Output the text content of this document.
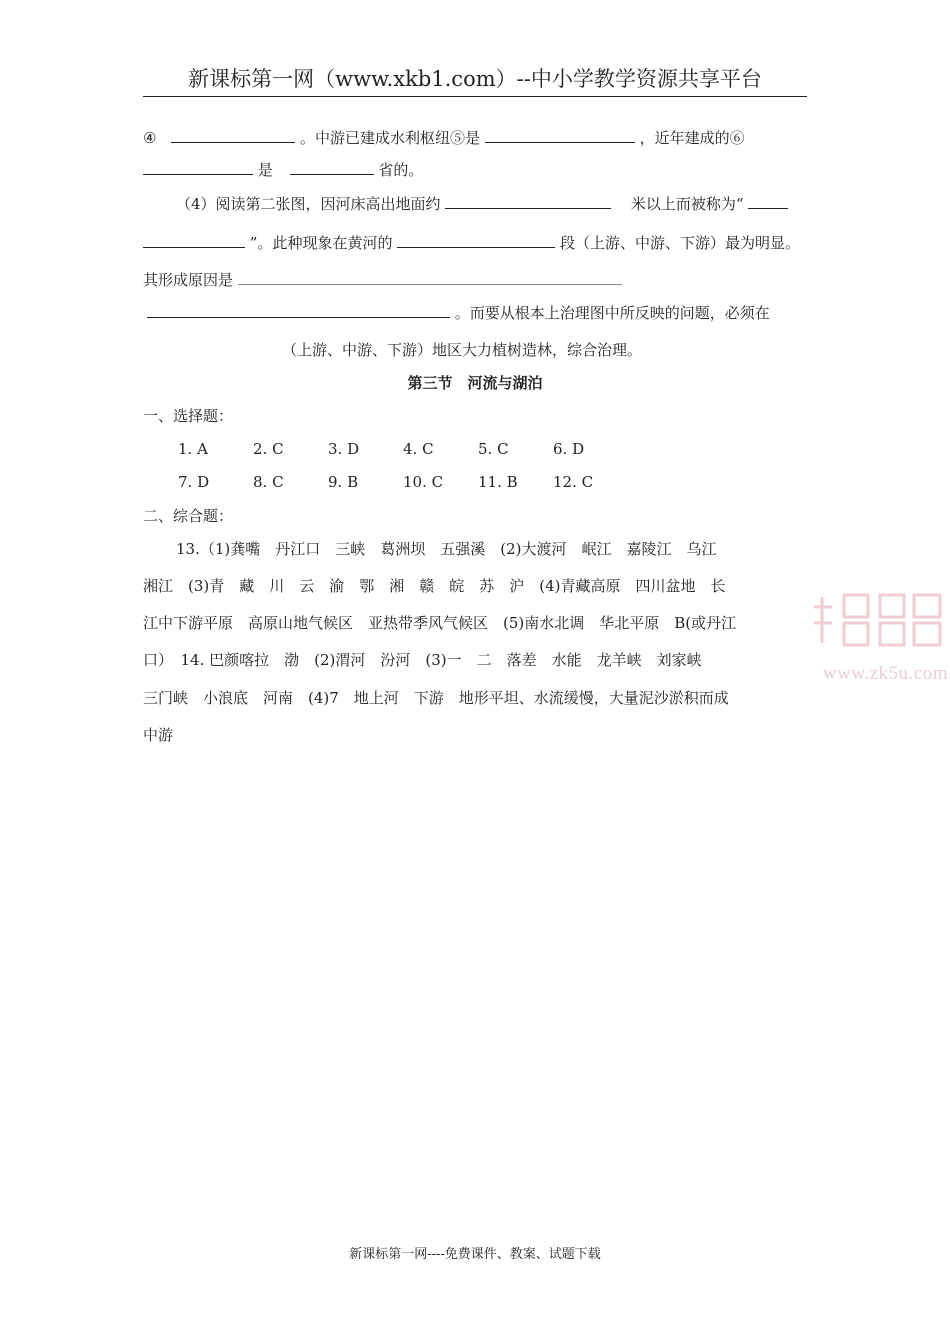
新课标第一网（www.xkb1.com）--中小学教学资源共享平台
④	。中游已建成水利枢纽⑤是	，近年建成的⑥
是	省的。
（4）阅读第二张图，因河床高出地面约	米以上而被称为“
”。此种现象在黄河的	段（上游、中游、下游）最为明显。
其形成原因是
。而要从根本上治理图中所反映的问题，必须在
（上游、中游、下游）地区大力植树造林，综合治理。
第三节　河流与湖泊
一、选择题：
1. A	2. C	3. D	4. C	5. C	6. D
7. D	8. C	9. B	10. C 11. B 12. C
二、综合题：
13.（1)龚嘴　丹江口　三峡　葛洲坝　五强溪　(2)大渡河　岷江　嘉陵江　乌江
湘江　(3)青　藏　川　云　渝　鄂　湘　赣　皖　苏　沪　(4)青藏高原　四川盆地　长
江中下游平原　高原山地气候区　亚热带季风气候区　(5)南水北调　华北平原　B(或丹江
口）　14. 巴颜喀拉　渤　(2)渭河　汾河　(3)一　二　落差　水能　龙羊峡　刘家峡
三门峡　小浪底　河南　(4)7　地上河　下游　地形平坦、水流缓慢，大量泥沙淤积而成
中游
www.zk5u.com
新课标第一网----免费课件、教案、试题下载
